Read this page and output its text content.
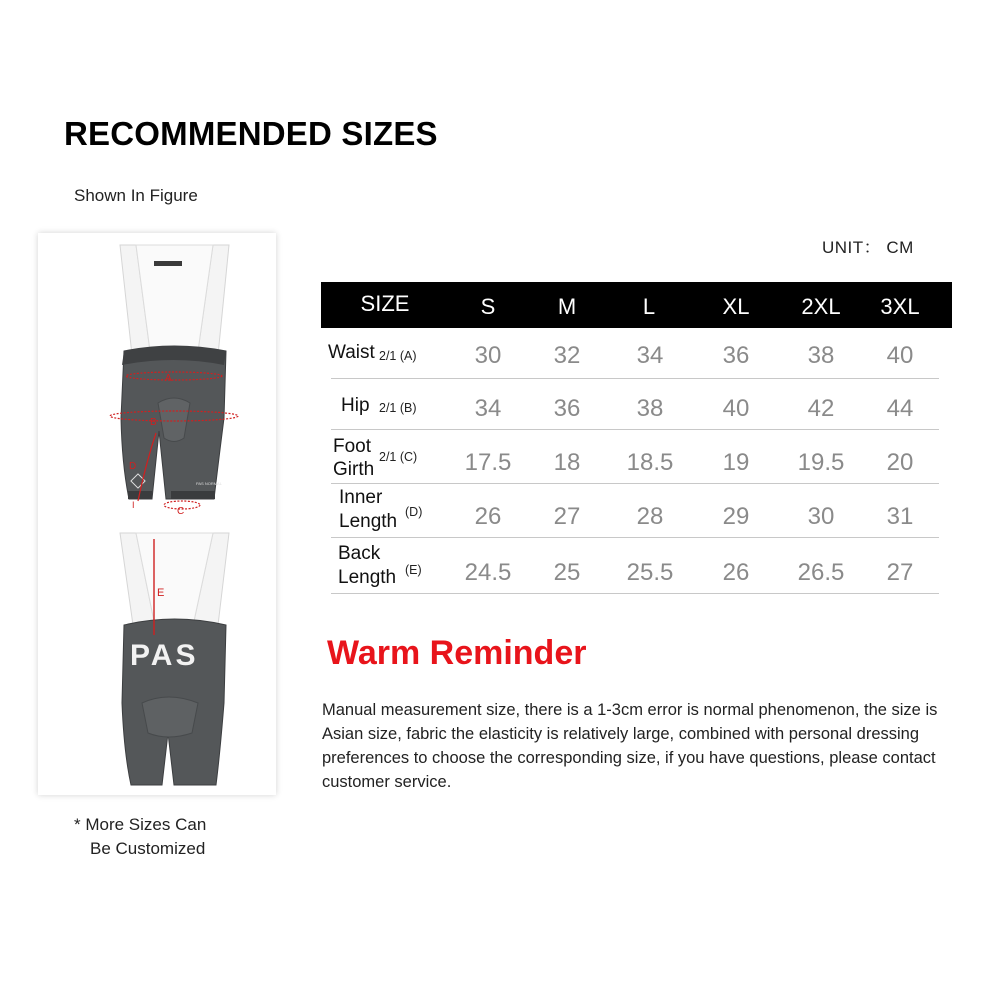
RECOMMENDED SIZES
Shown In Figure
PAS NORMAL
A
B
D
I
C
PAS
E
* More Sizes Can
Be Customized
UNIT： CM
SIZE	S	M	L	XL	2XL	3XL
Waist 2/1 (A)	30	32	34	36	38	40
Hip 2/1 (B)	34	36	38	40	42	44
Foot
Girth
2/1 (C)	17.5	18	18.5	19	19.5	20
Inner
Length (D)	26	27	28	29	30	31
Back
Length (E)	24.5	25	25.5	26	26.5	27
Warm Reminder
Manual measurement size, there is a 1-3cm error is normal phenomenon, the size is Asian size, fabric the elasticity is relatively large, combined with personal dressing preferences to choose the corresponding size, if you have questions, please contact customer service.
